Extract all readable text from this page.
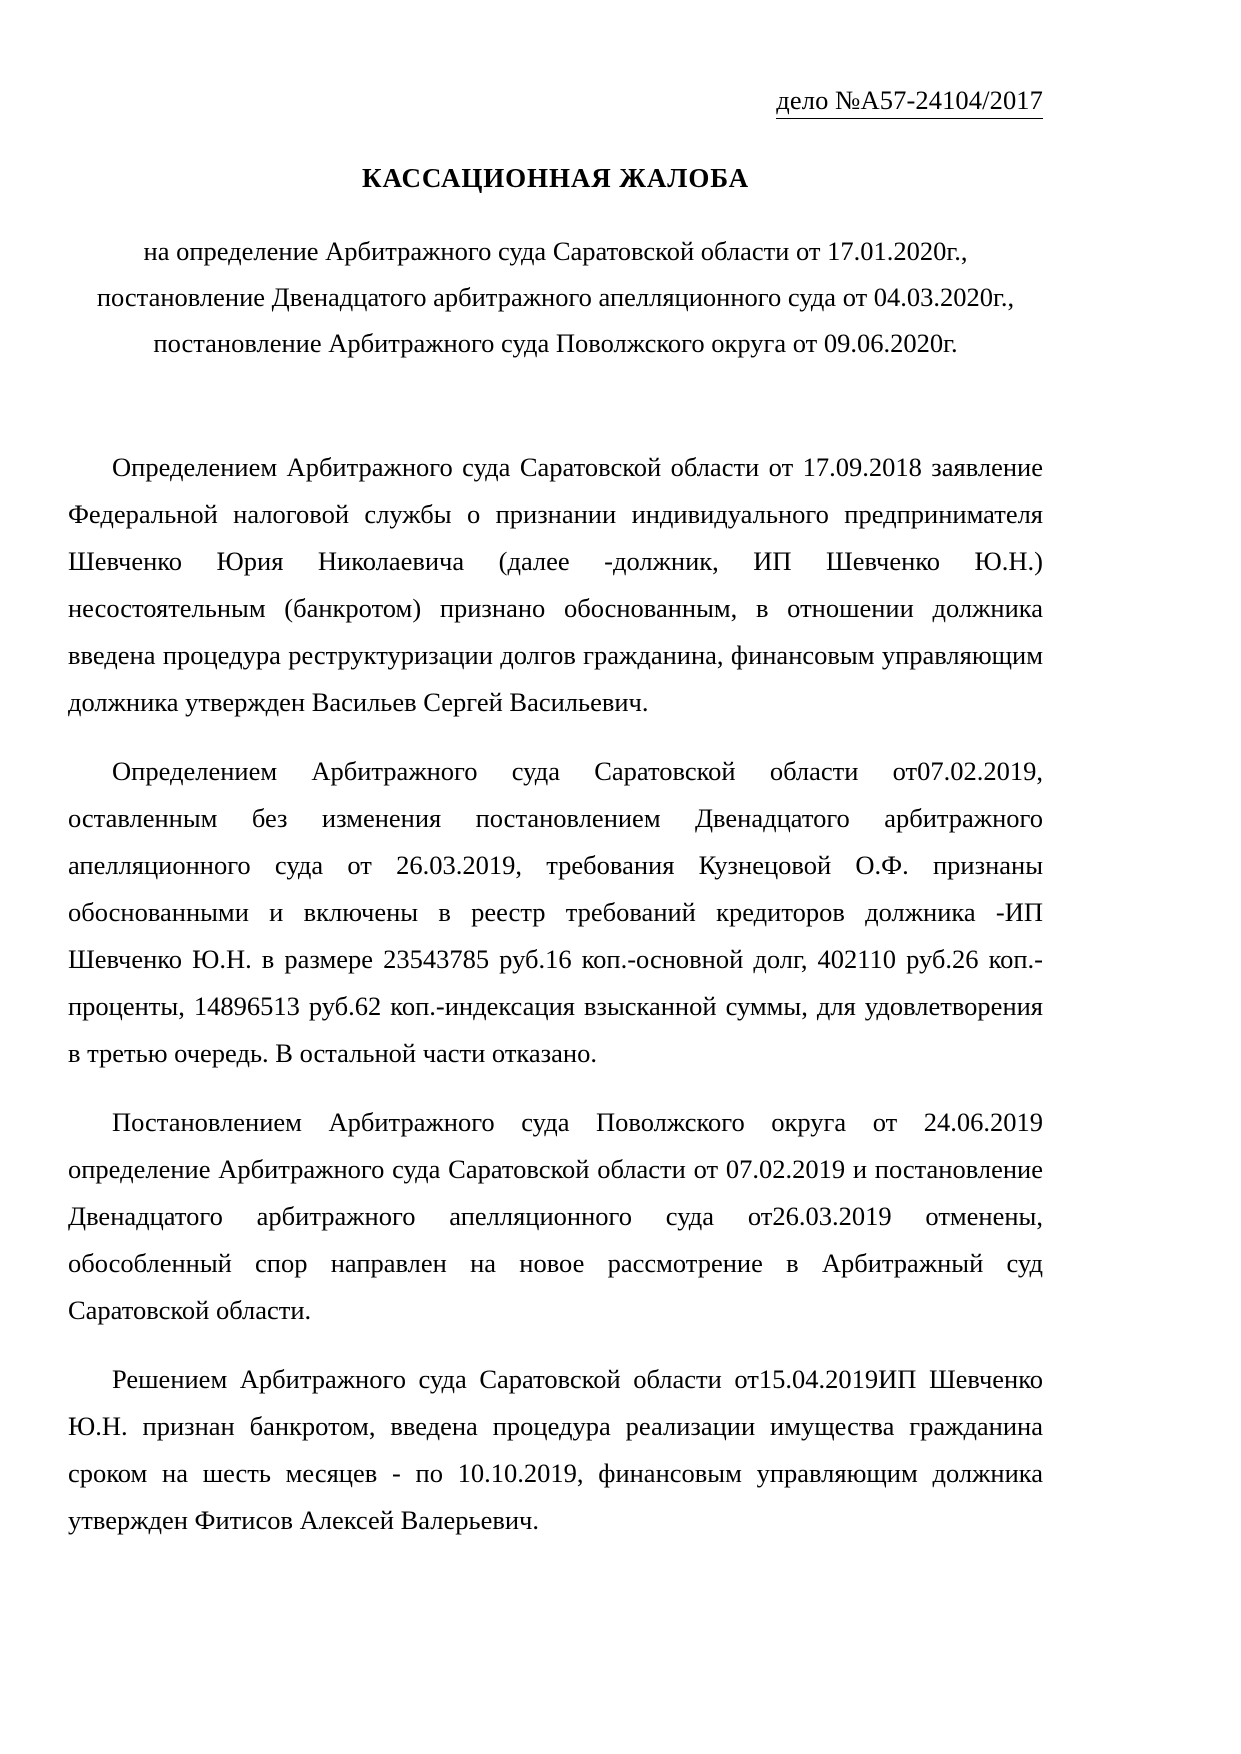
дело №А57-24104/2017
КАССАЦИОННАЯ ЖАЛОБА
на определение Арбитражного суда Саратовской области от 17.01.2020г.,
постановление Двенадцатого арбитражного апелляционного суда от 04.03.2020г.,
постановление Арбитражного суда Поволжского округа от 09.06.2020г.

Определением Арбитражного суда Саратовской области от 17.09.2018 заявление Федеральной налоговой службы о признании индивидуального предпринимателя Шевченко Юрия Николаевича (далее -должник, ИП Шевченко Ю.Н.) несостоятельным (банкротом) признано обоснованным, в отношении должника введена процедура реструктуризации долгов гражданина, финансовым управляющим должника утвержден Васильев Сергей Васильевич.

Определением Арбитражного суда Саратовской области от07.02.2019, оставленным без изменения постановлением Двенадцатого арбитражного апелляционного суда от 26.03.2019, требования Кузнецовой О.Ф. признаны обоснованными и включены в реестр требований кредиторов должника -ИП Шевченко Ю.Н. в размере 23543785 руб.16 коп.-основной долг, 402110 руб.26 коп.-проценты, 14896513 руб.62 коп.-индексация взысканной суммы, для удовлетворения в третью очередь. В остальной части отказано.

Постановлением Арбитражного суда Поволжского округа от 24.06.2019 определение Арбитражного суда Саратовской области от 07.02.2019 и постановление Двенадцатого арбитражного апелляционного суда от26.03.2019 отменены, обособленный спор направлен на новое рассмотрение в Арбитражный суд Саратовской области.

Решением Арбитражного суда Саратовской области от15.04.2019ИП Шевченко Ю.Н. признан банкротом, введена процедура реализации имущества гражданина сроком на шесть месяцев - по 10.10.2019, финансовым управляющим должника утвержден Фитисов Алексей Валерьевич.
